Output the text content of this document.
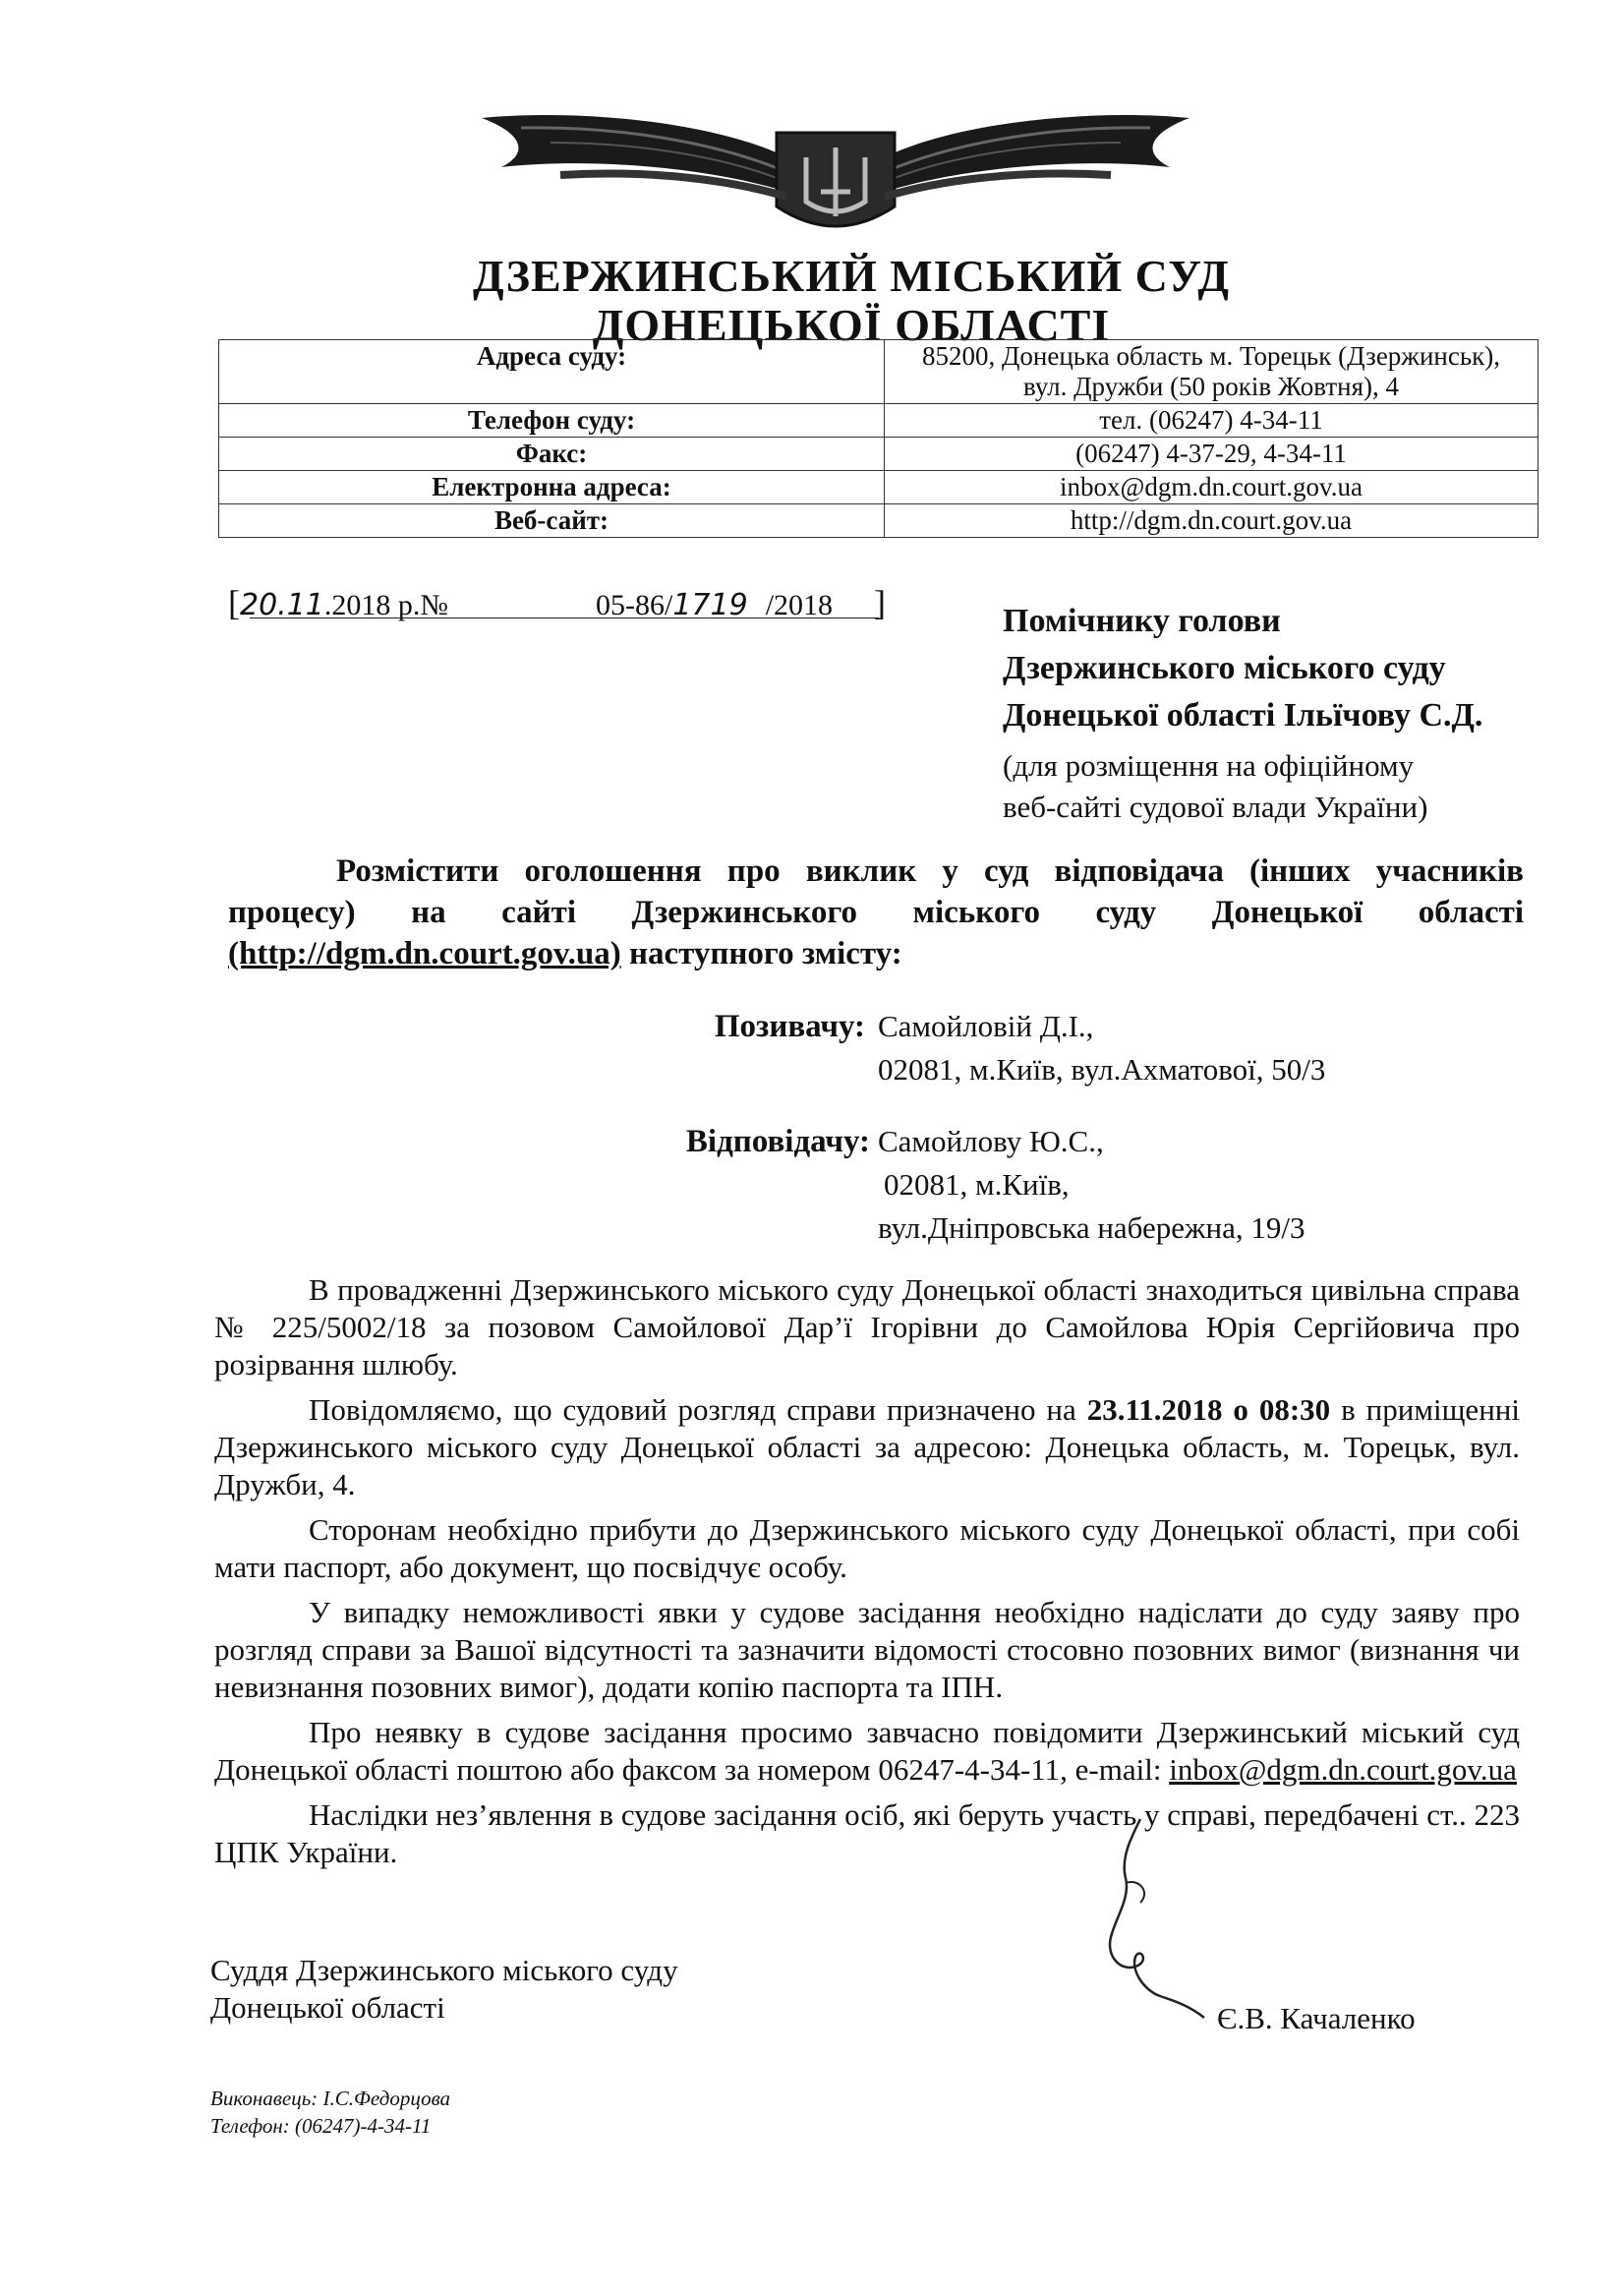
ДЗЕРЖИНСЬКИЙ МІСЬКИЙ СУД
ДОНЕЦЬКОЇ ОБЛАСТІ
Адреса суду:	85200, Донецька область м. Торецьк (Дзержинськ),
вул. Дружби (50 років Жовтня), 4

Телефон суду:	тел. (06247) 4-34-11
Факс:	(06247) 4-37-29, 4-34-11
Електронна адреса:	inbox@dgm.dn.court.gov.ua
Веб-сайт:	http://dgm.dn.court.gov.ua
[20.11.2018 р.№	05-86/1719 /2018 ]	Помічнику голови
Дзержинського міського суду
Донецької області Ільїчову С.Д.
(для розміщення на офіційному
веб-сайті судової влади України)
Розмістити оголошення про виклик у суд відповідача (інших учасників
процесу) на сайті Дзержинського міського суду Донецької області
(http://dgm.dn.court.gov.ua) наступного змісту:
Позивачу: Самойловій Д.І.,
02081, м.Київ, вул.Ахматової, 50/3
Відповідачу: Самойлову Ю.С.,
02081, м.Київ,
вул.Дніпровська набережна, 19/3

В провадженні Дзержинського міського суду Донецької області знаходиться цивільна справа № 225/5002/18 за позовом Самойлової Дар’ї Ігорівни до Самойлова Юрія Сергійовича про розірвання шлюбу.

Повідомляємо, що судовий розгляд справи призначено на 23.11.2018 о 08:30 в приміщенні Дзержинського міського суду Донецької області за адресою: Донецька область, м. Торецьк, вул. Дружби, 4.

Сторонам необхідно прибути до Дзержинського міського суду Донецької області, при собі мати паспорт, або документ, що посвідчує особу.

У випадку неможливості явки у судове засідання необхідно надіслати до суду заяву про розгляд справи за Вашої відсутності та зазначити відомості стосовно позовних вимог (визнання чи невизнання позовних вимог), додати копію паспорта та ІПН.

Про неявку в судове засідання просимо завчасно повідомити Дзержинський міський суд Донецької області поштою або факсом за номером 06247-4-34-11, e-mail: inbox@dgm.dn.court.gov.ua

Наслідки нез’явлення в судове засідання осіб, які беруть участь у справі, передбачені ст.. 223 ЦПК України.

Суддя Дзержинського міського суду
Донецької області	Є.В. Качаленко
Виконавець: І.С.Федорцова
Телефон: (06247)-4-34-11
